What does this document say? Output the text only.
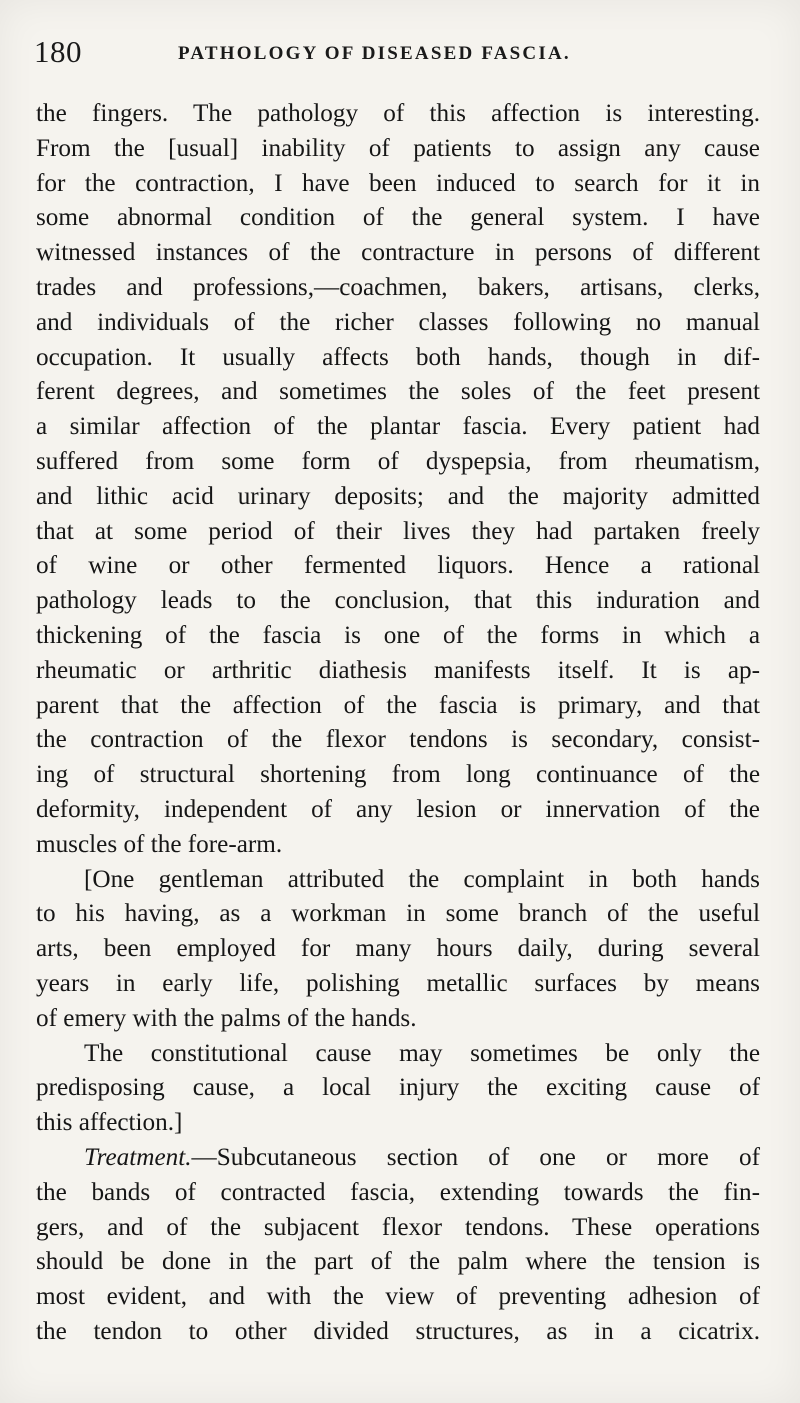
180	PATHOLOGY OF DISEASED FASCIA.
the fingers. The pathology of this affection is interesting.
From the [usual] inability of patients to assign any cause
for the contraction, I have been induced to search for it in
some abnormal condition of the general system. I have
witnessed instances of the contracture in persons of different
trades and professions,—coachmen, bakers, artisans, clerks,
and individuals of the richer classes following no manual
occupation. It usually affects both hands, though in dif-
ferent degrees, and sometimes the soles of the feet present
a similar affection of the plantar fascia. Every patient had
suffered from some form of dyspepsia, from rheumatism,
and lithic acid urinary deposits; and the majority admitted
that at some period of their lives they had partaken freely
of wine or other fermented liquors. Hence a rational
pathology leads to the conclusion, that this induration and
thickening of the fascia is one of the forms in which a
rheumatic or arthritic diathesis manifests itself. It is ap-
parent that the affection of the fascia is primary, and that
the contraction of the flexor tendons is secondary, consist-
ing of structural shortening from long continuance of the
deformity, independent of any lesion or innervation of the
muscles of the fore-arm.
[One gentleman attributed the complaint in both hands
to his having, as a workman in some branch of the useful
arts, been employed for many hours daily, during several
years in early life, polishing metallic surfaces by means
of emery with the palms of the hands.
The constitutional cause may sometimes be only the
predisposing cause, a local injury the exciting cause of
this affection.]
Treatment.—Subcutaneous section of one or more of
the bands of contracted fascia, extending towards the fin-
gers, and of the subjacent flexor tendons. These operations
should be done in the part of the palm where the tension is
most evident, and with the view of preventing adhesion of
the tendon to other divided structures, as in a cicatrix.
